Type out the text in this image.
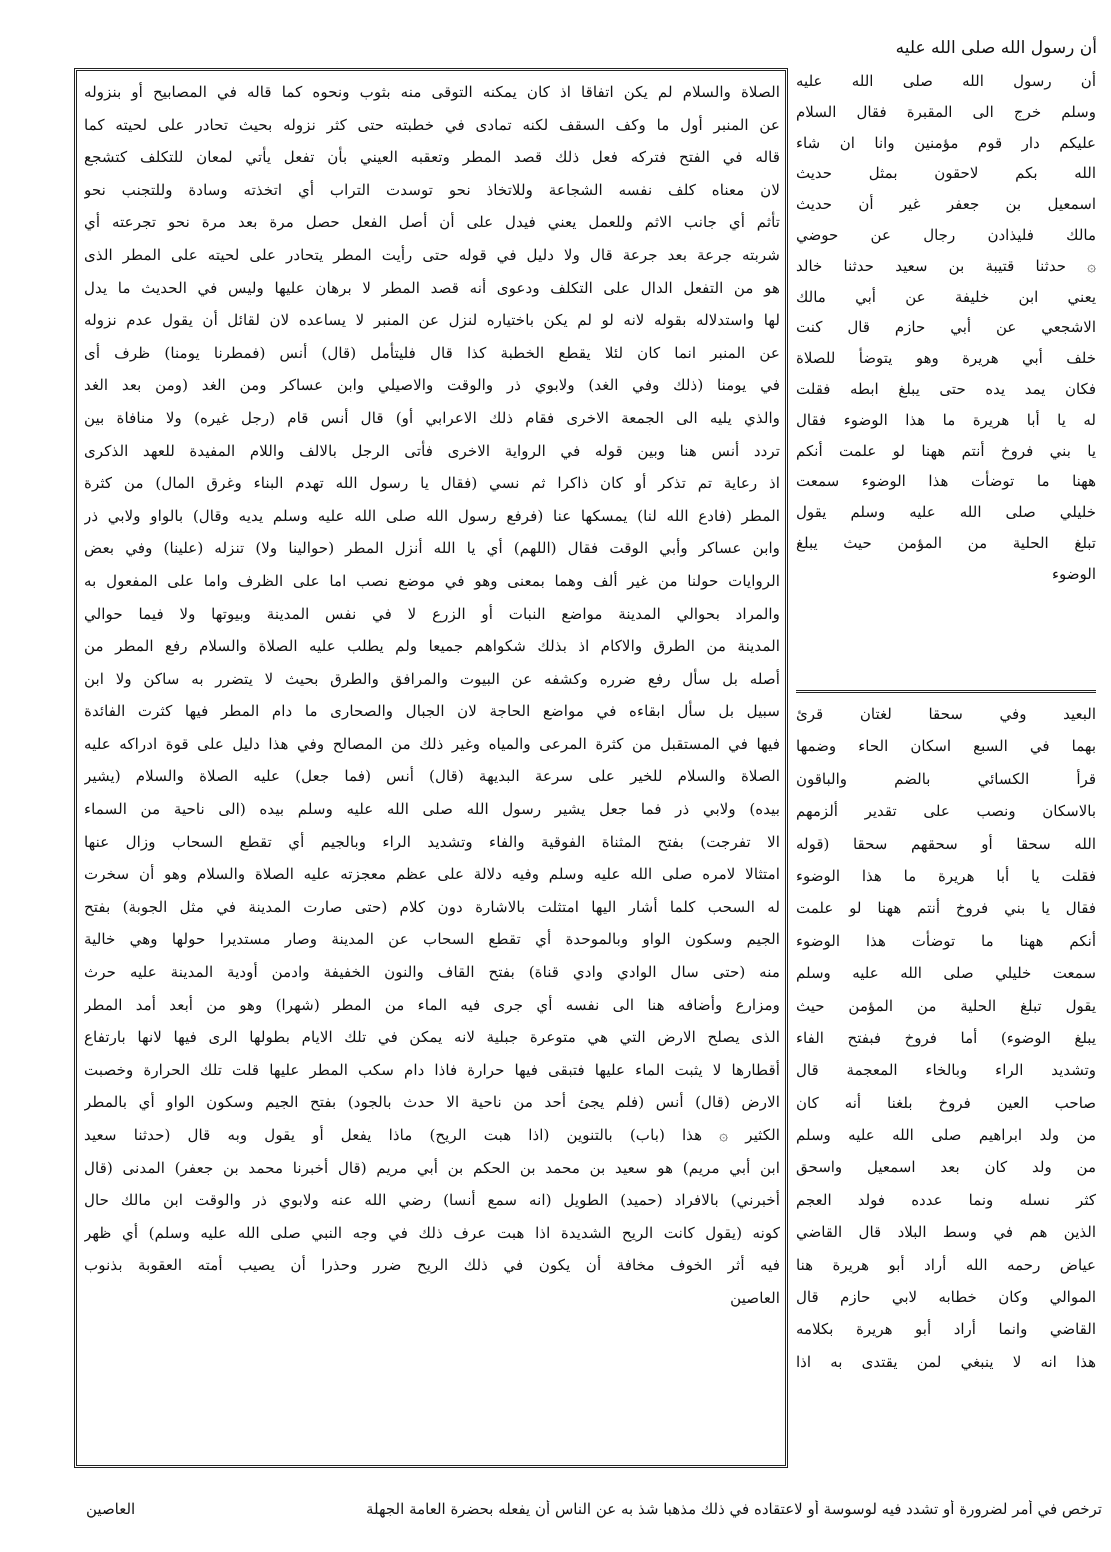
أن رسول الله صلى الله عليه

الصلاة والسلام لم يكن اتفاقا اذ كان يمكنه التوقى منه بثوب ونحوه كما قاله في المصابيح أو بنزوله

عن المنبر أول ما وكف السقف لكنه تمادى في خطبته حتى كثر نزوله بحيث تحادر على لحيته كما

قاله في الفتح فتركه فعل ذلك قصد المطر وتعقبه العيني بأن تفعل يأتي لمعان للتكلف كتشجع

لان معناه كلف نفسه الشجاعة وللاتخاذ نحو توسدت التراب أي اتخذته وسادة وللتجنب نحو

تأثم أي جانب الاثم وللعمل يعني فيدل على أن أصل الفعل حصل مرة بعد مرة نحو تجرعته أي

شربته جرعة بعد جرعة قال ولا دليل في قوله حتى رأيت المطر يتحادر على لحيته على المطر الذى

هو من التفعل الدال على التكلف ودعوى أنه قصد المطر لا برهان عليها وليس في الحديث ما يدل

لها واستدلاله بقوله لانه لو لم يكن باختياره لنزل عن المنبر لا يساعده لان لقائل أن يقول عدم نزوله

عن المنبر انما كان لئلا يقطع الخطبة كذا قال فليتأمل (قال) أنس (فمطرنا يومنا) ظرف أى

في يومنا (ذلك وفي الغد) ولابوي ذر والوقت والاصيلي وابن عساكر ومن الغد (ومن بعد الغد

والذي يليه الى الجمعة الاخرى فقام ذلك الاعرابي أو) قال أنس قام (رجل غيره) ولا منافاة بين

تردد أنس هنا وبين قوله في الرواية الاخرى فأتى الرجل بالالف واللام المفيدة للعهد الذكرى

اذ رعاية تم تذكر أو كان ذاكرا ثم نسي (فقال يا رسول الله تهدم البناء وغرق المال) من كثرة

المطر (فادع الله لنا) يمسكها عنا (فرفع رسول الله صلى الله عليه وسلم يديه وقال) بالواو ولابي ذر

وابن عساكر وأبي الوقت فقال (اللهم) أي يا الله أنزل المطر (حوالينا ولا) تنزله (علينا) وفي بعض

الروايات حولنا من غير ألف وهما بمعنى وهو في موضع نصب اما على الظرف واما على المفعول به

والمراد بحوالي المدينة مواضع النبات أو الزرع لا في نفس المدينة وبيوتها ولا فيما حوالي

المدينة من الطرق والاكام اذ بذلك شكواهم جميعا ولم يطلب عليه الصلاة والسلام رفع المطر من

أصله بل سأل رفع ضرره وكشفه عن البيوت والمرافق والطرق بحيث لا يتضرر به ساكن ولا ابن

سبيل بل سأل ابقاءه في مواضع الحاجة لان الجبال والصحارى ما دام المطر فيها كثرت الفائدة

فيها في المستقبل من كثرة المرعى والمياه وغير ذلك من المصالح وفي هذا دليل على قوة ادراكه عليه

الصلاة والسلام للخير على سرعة البديهة (قال) أنس (فما جعل) عليه الصلاة والسلام (يشير

بيده) ولابي ذر فما جعل يشير رسول الله صلى الله عليه وسلم بيده (الى ناحية من السماء

الا تفرجت) بفتح المثناة الفوقية والفاء وتشديد الراء وبالجيم أي تقطع السحاب وزال عنها

امتثالا لامره صلى الله عليه وسلم وفيه دلالة على عظم معجزته عليه الصلاة والسلام وهو أن سخرت

له السحب كلما أشار اليها امتثلت بالاشارة دون كلام (حتى صارت المدينة في مثل الجوبة) بفتح

الجيم وسكون الواو وبالموحدة أي تقطع السحاب عن المدينة وصار مستديرا حولها وهي خالية

منه (حتى سال الوادي وادي قناة) بفتح القاف والنون الخفيفة وادمن أودية المدينة عليه حرث

ومزارع وأضافه هنا الى نفسه أي جرى فيه الماء من المطر (شهرا) وهو من أبعد أمد المطر

الذى يصلح الارض التي هي متوعرة جبلية لانه يمكن في تلك الايام بطولها الرى فيها لانها بارتفاع

أقطارها لا يثبت الماء عليها فتبقى فيها حرارة فاذا دام سكب المطر عليها قلت تلك الحرارة وخصبت

الارض (قال) أنس (فلم يجئ أحد من ناحية الا حدث بالجود) بفتح الجيم وسكون الواو أي بالمطر

الكثير ۞ هذا (باب) بالتنوين (اذا هبت الريح) ماذا يفعل أو يقول وبه قال (حدثنا سعيد

ابن أبي مريم) هو سعيد بن محمد بن الحكم بن أبي مريم (قال أخبرنا محمد بن جعفر) المدنى (قال

أخبرني) بالافراد (حميد) الطويل (انه سمع أنسا) رضي الله عنه ولابوي ذر والوقت ابن مالك حال

كونه (يقول كانت الريح الشديدة اذا هبت عرف ذلك في وجه النبي صلى الله عليه وسلم) أي ظهر

فيه أثر الخوف مخافة أن يكون في ذلك الريح ضرر وحذرا أن يصيب أمته العقوبة بذنوب

العاصين

أن رسول الله صلى الله عليه

وسلم خرج الى المقبرة فقال السلام

عليكم دار قوم مؤمنين وانا ان شاء

الله بكم لاحقون بمثل حديث

اسمعيل بن جعفر غير أن حديث

مالك فليذادن رجال عن حوضي

۞ حدثنا قتيبة بن سعيد حدثنا خالد

يعني ابن خليفة عن أبي مالك

الاشجعي عن أبي حازم قال كنت

خلف أبي هريرة وهو يتوضأ للصلاة

فكان يمد يده حتى يبلغ ابطه فقلت

له يا أبا هريرة ما هذا الوضوء فقال

يا بني فروخ أنتم ههنا لو علمت أنكم

ههنا ما توضأت هذا الوضوء سمعت

خليلي صلى الله عليه وسلم يقول

تبلغ الحلية من المؤمن حيث يبلغ

الوضوء

البعيد وفي سحقا لغتان قرئ

بهما في السبع اسكان الحاء وضمها

قرأ الكسائي بالضم والباقون

بالاسكان ونصب على تقدير ألزمهم

الله سحقا أو سحقهم سحقا (قوله

فقلت يا أبا هريرة ما هذا الوضوء

فقال يا بني فروخ أنتم ههنا لو علمت

أنكم ههنا ما توضأت هذا الوضوء

سمعت خليلي صلى الله عليه وسلم

يقول تبلغ الحلية من المؤمن حيث

يبلغ الوضوء) أما فروخ فبفتح الفاء

وتشديد الراء وبالخاء المعجمة قال

صاحب العين فروخ بلغنا أنه كان

من ولد ابراهيم صلى الله عليه وسلم

من ولد كان بعد اسمعيل واسحق

كثر نسله ونما عدده فولد العجم

الذين هم في وسط البلاد قال القاضي

عياض رحمه الله أراد أبو هريرة هنا

الموالي وكان خطابه لابي حازم قال

القاضي وانما أراد أبو هريرة بكلامه

هذا انه لا ينبغي لمن يقتدى به اذا

ترخص في أمر لضرورة أو تشدد فيه لوسوسة أو لاعتقاده في ذلك مذهبا شذ به عن الناس أن يفعله بحضرة العامة الجهلة
العاصين
